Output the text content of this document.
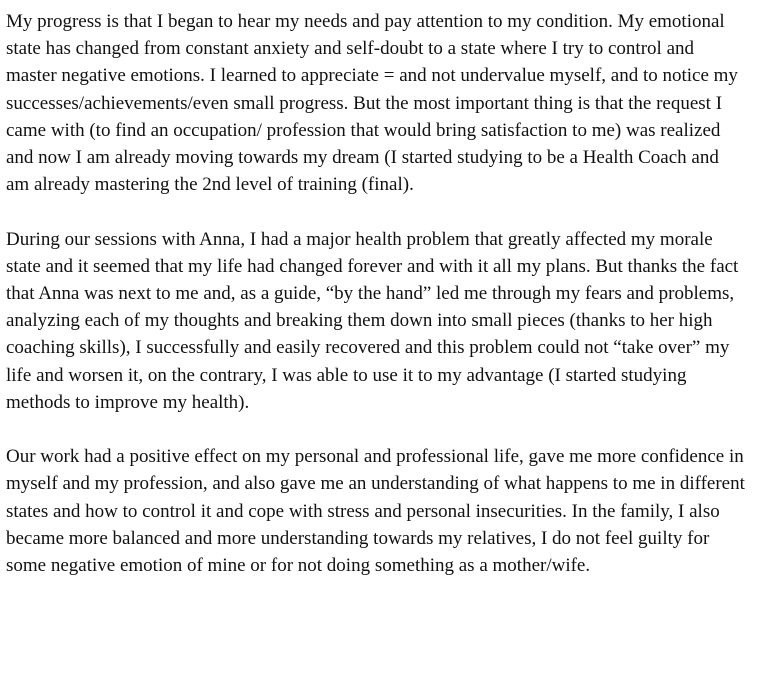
My progress is that I began to hear my needs and pay attention to my condition. My emotional state has changed from constant anxiety and self-doubt to a state where I try to control and master negative emotions. I learned to appreciate = and not undervalue myself, and to notice my successes/achievements/even small progress. But the most important thing is that the request I came with (to find an occupation/ profession that would bring satisfaction to me) was realized and now I am already moving towards my dream (I started studying to be a Health Coach and am already mastering the 2nd level of training (final).

During our sessions with Anna, I had a major health problem that greatly affected my morale state and it seemed that my life had changed forever and with it all my plans. But thanks the fact that Anna was next to me and, as a guide, “by the hand” led me through my fears and problems, analyzing each of my thoughts and breaking them down into small pieces (thanks to her high coaching skills), I successfully and easily recovered and this problem could not “take over” my life and worsen it, on the contrary, I was able to use it to my advantage (I started studying methods to improve my health).

Our work had a positive effect on my personal and professional life, gave me more confidence in myself and my profession, and also gave me an understanding of what happens to me in different states and how to control it and cope with stress and personal insecurities. In the family, I also became more balanced and more understanding towards my relatives, I do not feel guilty for some negative emotion of mine or for not doing something as a mother/wife.
